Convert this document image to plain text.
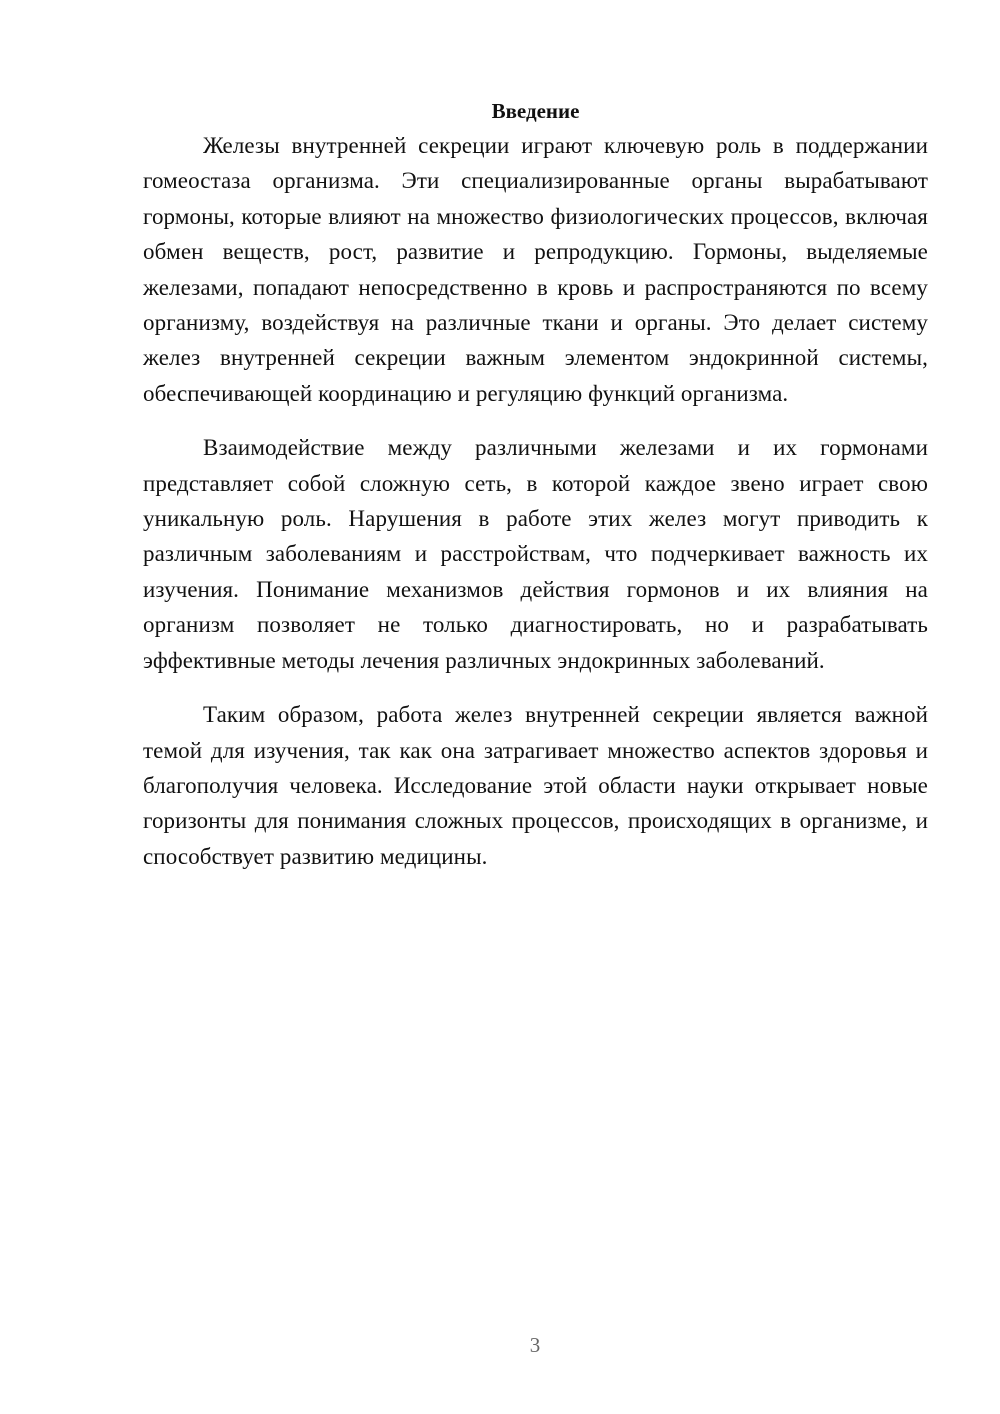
Введение

Железы внутренней секреции играют ключевую роль в поддержании гомеостаза организма. Эти специализированные органы вырабатывают гормоны, которые влияют на множество физиологических процессов, включая обмен веществ, рост, развитие и репродукцию. Гормоны, выделяемые железами, попадают непосредственно в кровь и распространяются по всему организму, воздействуя на различные ткани и органы. Это делает систему желез внутренней секреции важным элементом эндокринной системы, обеспечивающей координацию и регуляцию функций организма.

Взаимодействие между различными железами и их гормонами представляет собой сложную сеть, в которой каждое звено играет свою уникальную роль. Нарушения в работе этих желез могут приводить к различным заболеваниям и расстройствам, что подчеркивает важность их изучения. Понимание механизмов действия гормонов и их влияния на организм позволяет не только диагностировать, но и разрабатывать эффективные методы лечения различных эндокринных заболеваний.

Таким образом, работа желез внутренней секреции является важной темой для изучения, так как она затрагивает множество аспектов здоровья и благополучия человека. Исследование этой области науки открывает новые горизонты для понимания сложных процессов, происходящих в организме, и способствует развитию медицины.

3
